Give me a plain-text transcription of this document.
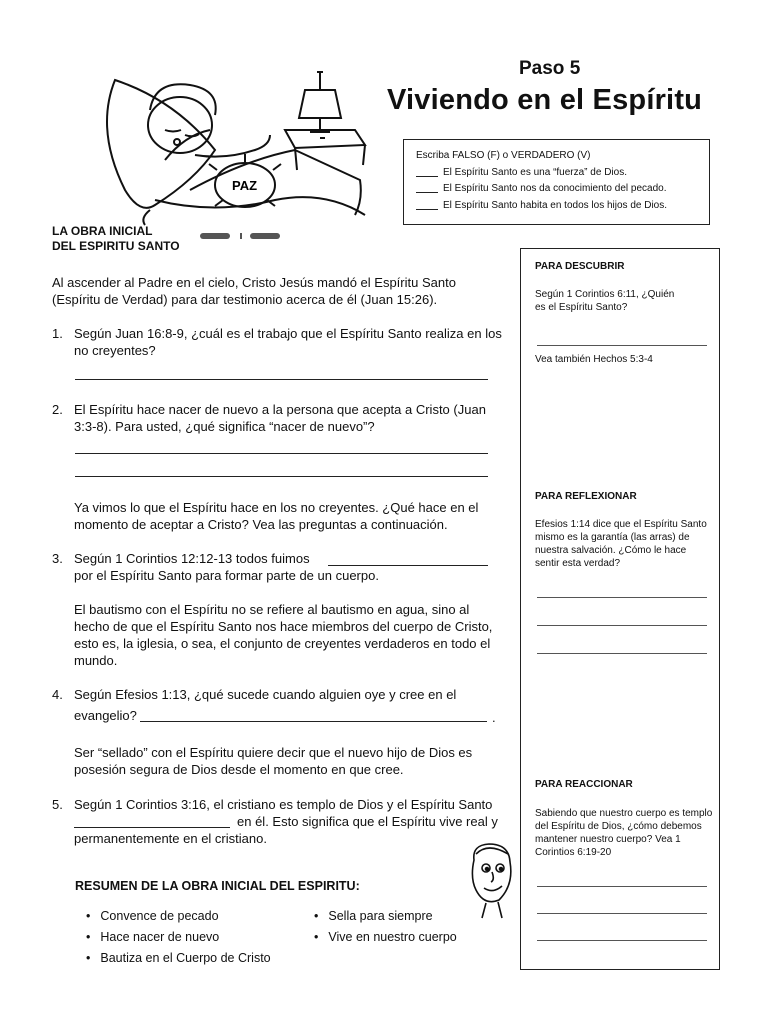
PAZ
Paso 5
Viviendo en el Espíritu
Escriba FALSO (F) o VERDADERO (V)
El Espíritu Santo es una “fuerza” de Dios.
El Espíritu Santo nos da conocimiento del pecado.
El Espíritu Santo habita en todos los hijos de Dios.
LA OBRA INICIAL
DEL ESPIRITU SANTO
Al ascender al Padre en el cielo, Cristo Jesús mandó el Espíritu Santo (Espíritu de Verdad) para dar testimonio acerca de él (Juan 15:26).
1. Según Juan 16:8-9, ¿cuál es el trabajo que el Espíritu Santo realiza en los no creyentes?
2. El Espíritu hace nacer de nuevo a la persona que acepta a Cristo (Juan 3:3-8). Para usted, ¿qué significa “nacer de nuevo”?
Ya vimos lo que el Espíritu hace en los no creyentes. ¿Qué hace en el momento de aceptar a Cristo? Vea las preguntas a continuación.
3. Según 1 Corintios 12:12-13 todos fuimos
por el Espíritu Santo para formar parte de un cuerpo.
El bautismo con el Espíritu no se refiere al bautismo en agua, sino al hecho de que el Espíritu Santo nos hace miembros del cuerpo de Cristo, esto es, la iglesia, o sea, el conjunto de creyentes verdaderos en todo el mundo.
4. Según Efesios 1:13, ¿qué sucede cuando alguien oye y cree en el
evangelio?	.
Ser “sellado” con el Espíritu quiere decir que el nuevo hijo de Dios es posesión segura de Dios desde el momento en que cree.
5. Según 1 Corintios 3:16, el cristiano es templo de Dios y el Espíritu Santo
en él. Esto significa que el Espíritu vive real y
permanentemente en el cristiano.
RESUMEN DE LA OBRA INICIAL DEL ESPIRITU:
• Convence de pecado
• Hace nacer de nuevo
• Bautiza en el Cuerpo de Cristo
• Sella para siempre
• Vive en nuestro cuerpo
PARA DESCUBRIR
Según 1 Corintios 6:11, ¿Quién es el Espíritu Santo?
Vea también Hechos 5:3-4
PARA REFLEXIONAR
Efesios 1:14 dice que el Espíritu Santo mismo es la garantía (las arras) de nuestra salvación. ¿Cómo le hace sentir esta verdad?
PARA REACCIONAR
Sabiendo que nuestro cuerpo es templo del Espíritu de Dios, ¿cómo debemos mantener nuestro cuerpo? Vea 1 Corintios 6:19-20
